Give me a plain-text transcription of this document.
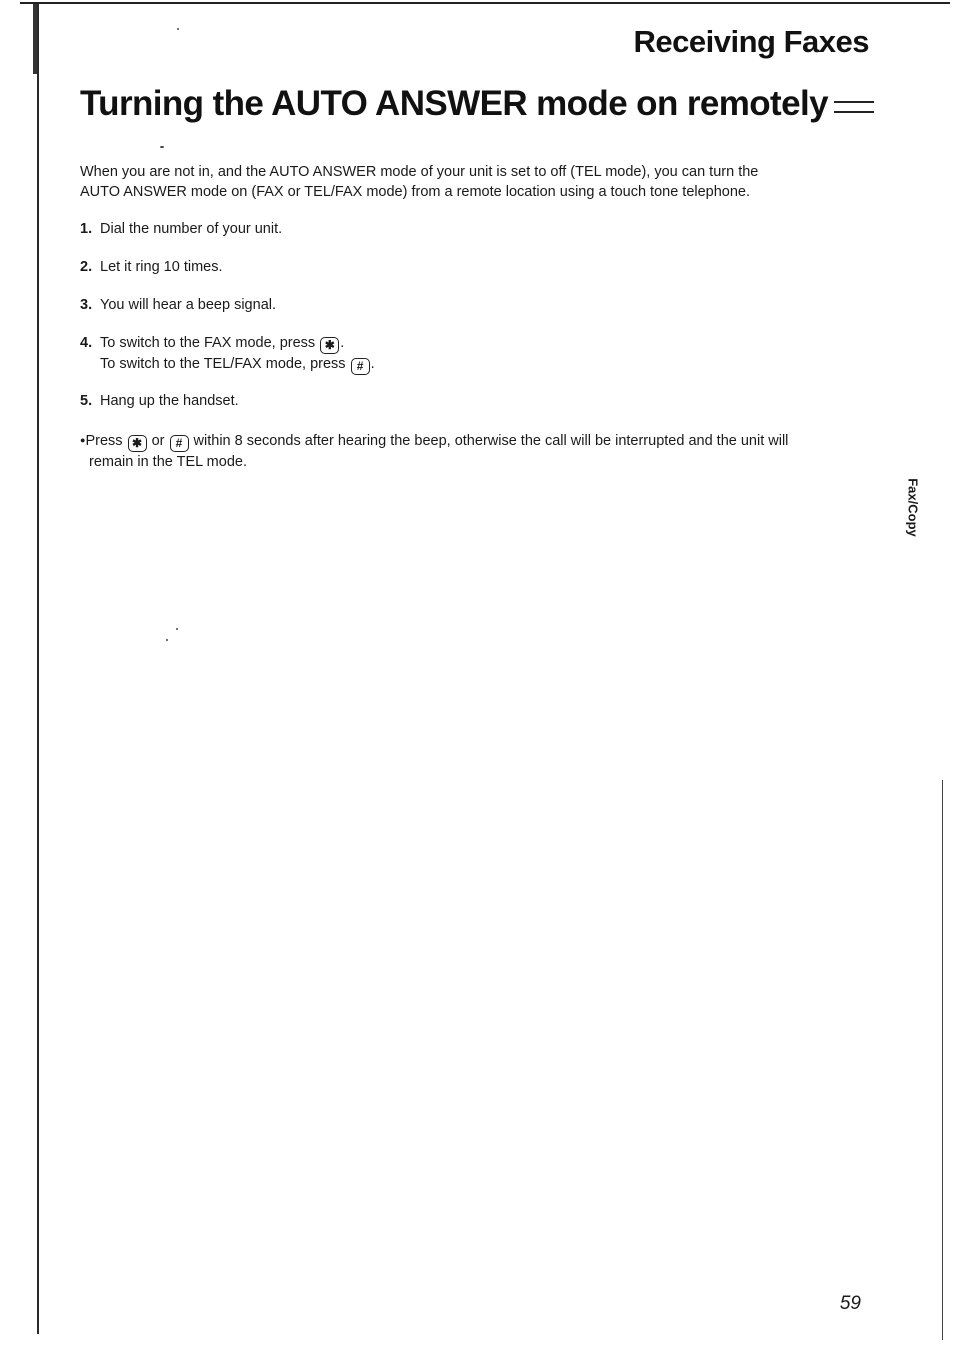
Receiving Faxes
Turning the AUTO ANSWER mode on remotely

When you are not in, and the AUTO ANSWER mode of your unit is set to off (TEL mode), you can turn the
AUTO ANSWER mode on (FAX or TEL/FAX mode) from a remote location using a touch tone telephone.

1. Dial the number of your unit.
2. Let it ring 10 times.
3. You will hear a beep signal.
4. To switch to the FAX mode, press ✱ .
To switch to the TEL/FAX mode, press # .
5. Hang up the handset.

●Press ✱ or # within 8 seconds after hearing the beep, otherwise the call will be interrupted and the unit will
remain in the TEL mode.

Fax/Copy

59
